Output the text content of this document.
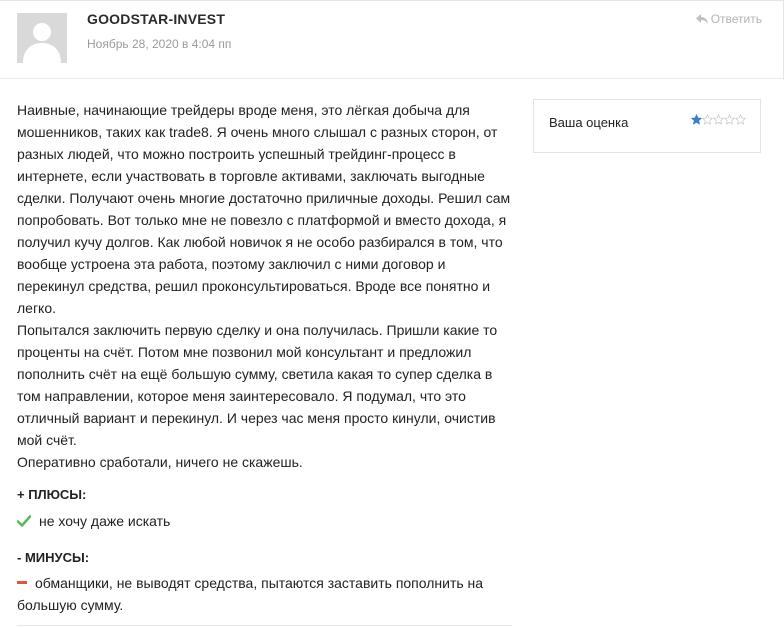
GOODSTAR-INVEST
Ноябрь 28, 2020 в 4:04 пп
Ответить

Наивные, начинающие трейдеры вроде меня, это лёгкая добыча для мошенников, таких как trade8. Я очень много слышал с разных сторон, от разных людей, что можно построить успешный трейдинг-процесс в интернете, если участвовать в торговле активами, заключать выгодные сделки. Получают очень многие достаточно приличные доходы. Решил сам попробовать. Вот только мне не повезло с платформой и вместо дохода, я получил кучу долгов. Как любой новичок я не особо разбирался в том, что вообще устроена эта работа, поэтому заключил с ними договор и перекинул средства, решил проконсультироваться. Вроде все понятно и легко.

Попытался заключить первую сделку и она получилась. Пришли какие то проценты на счёт. Потом мне позвонил мой консультант и предложил пополнить счёт на ещё большую сумму, светила какая то супер сделка в том направлении, которое меня заинтересовало. Я подумал, что это отличный вариант и перекинул. И через час меня просто кинули, очистив мой счёт.

Оперативно сработали, ничего не скажешь.

+ ПЛЮСЫ:
не хочу даже искать
- МИНУСЫ:
обманщики, не выводят средства, пытаются заставить пополнить на большую сумму.
Ваша оценка
